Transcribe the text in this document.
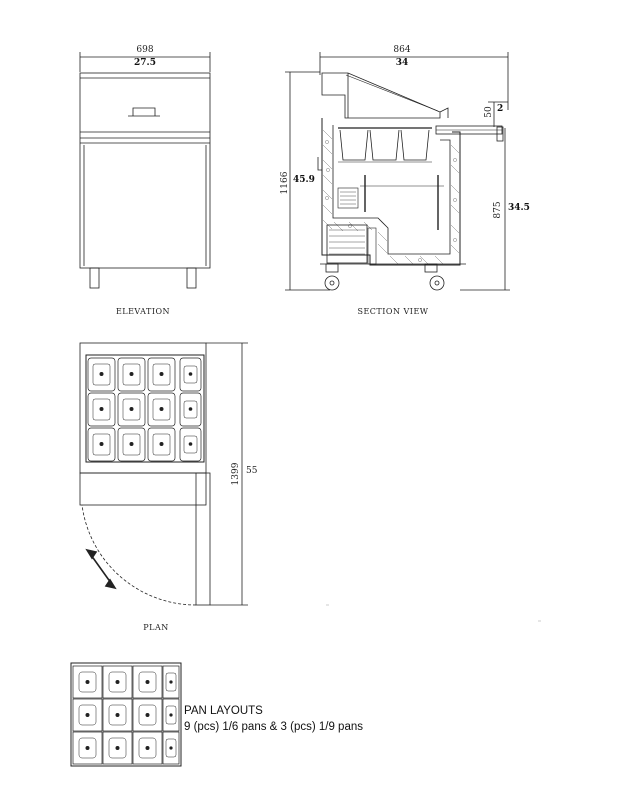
698
27.5
ELEVATION
864
34
1166 45.9
50 2
875 34.5
SECTION VIEW
1399 55
PLAN
PAN LAYOUTS
9 (pcs) 1/6 pans & 3 (pcs) 1/9 pans
